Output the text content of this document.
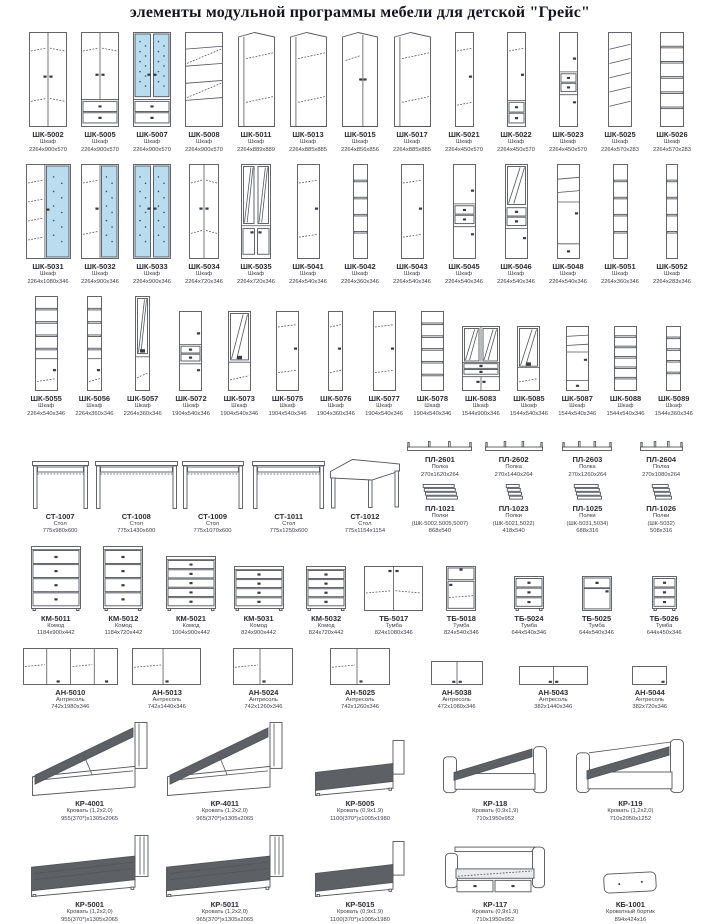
элементы модульной программы мебели для детской "Грейс"
ШК-5002
Шкаф
2264x900x570
ШК-5005
Шкаф
2264x900x570
ШК-5007
Шкаф
2264x900x570
ШК-5008
Шкаф
2264x900x570
ШК-5011
Шкаф
2264x889x889
ШК-5013
Шкаф
2264x885x885
ШК-5015
Шкаф
2264x856x856
ШК-5017
Шкаф
2264x885x885
ШК-5021
Шкаф
2264x450x570
ШК-5022
Шкаф
2264x450x570
ШК-5023
Шкаф
2264x450x570
ШК-5025
Шкаф
2264x570x283
ШК-5026
Шкаф
2264x570x283
ШК-5031
Шкаф
2264x1080x346
ШК-5032
Шкаф
2264x900x346
ШК-5033
Шкаф
2264x900x346
ШК-5034
Шкаф
2264x720x346
ШК-5035
Шкаф
2264x720x346
ШК-5041
Шкаф
2264x540x346
ШК-5042
Шкаф
2264x360x346
ШК-5043
Шкаф
2264x540x346
ШК-5045
Шкаф
2264x540x346
ШК-5046
Шкаф
2264x540x346
ШК-5048
Шкаф
2264x540x346
ШК-5051
Шкаф
2264x360x346
ШК-5052
Шкаф
2264x283x346
ШК-5055
Шкаф
2264x540x346
ШК-5056
Шкаф
2264x360x346
ШК-5057
Шкаф
2264x360x346
ШК-5072
Шкаф
1904x540x346
ШК-5073
Шкаф
1904x540x346
ШК-5075
Шкаф
1904x540x346
ШК-5076
Шкаф
1904x360x346
ШК-5077
Шкаф
1904x540x346
ШК-5078
Шкаф
1904x540x346
ШК-5083
Шкаф
1544x900x346
ШК-5085
Шкаф
1544x540x346
ШК-5087
Шкаф
1544x540x346
ШК-5088
Шкаф
1544x540x346
ШК-5089
Шкаф
1544x360x346
СТ-1007
Стол
775x980x600
СТ-1008
Стол
775x1430x600
СТ-1009
Стол
775x1070x600
СТ-1011
Стол
775x1250x600
СТ-1012
Стол
775x1154x1154
ПЛ-2601
Полка
270x1620x264
ПЛ-2602
Полка
270x1440x264
ПЛ-2603
Полка
270x1260x264
ПЛ-2604
Полка
270x1080x264
ПЛ-1021
Полки
(ШК-5002,5005,5007)
868x540
ПЛ-1023
Полки
(ШК-5021,5022)
418x540
ПЛ-1025
Полки
(ШК-5031,5034)
688x316
ПЛ-1026
Полки
(ШК-5032)
508x316
КМ-5011
Комод
1184x900x442
КМ-5012
Комод
1184x720x442
КМ-5021
Комод
1004x900x442
КМ-5031
Комод
824x900x442
КМ-5032
Комод
824x720x442
ТБ-5017
Тумба
824x1080x346
ТБ-5018
Тумба
824x540x346
ТБ-5024
Тумба
644x540x346
ТБ-5025
Тумба
644x540x346
ТБ-5026
Тумба
644x450x346
АН-5010
Антресоль
742x1980x346
АН-5013
Антресоль
742x1440x346
АН-5024
Антресоль
742x1260x346
АН-5025
Антресоль
742x1260x346
АН-5038
Антресоль
472x1080x346
АН-5043
Антресоль
382x1440x346
АН-5044
Антресоль
382x720x346
КР-4001
Кровать (1,2x2,0)
955(370*)x1305x2065
КР-4011
Кровать (1,2x2,0)
965(370*)x1305x2065
КР-5005
Кровать (0,9x1,9)
1100(370*)x1005x1980
КР-118
Кровать (0,9x1,9)
710x1950x952
КР-119
Кровать (1,2x2,0)
710x2050x1252
КР-5001
Кровать (1,2x2,0)
955(370*)x1305x2065
КР-5011
Кровать (1,2x2,0)
965(370*)x1305x2065
КР-5015
Кровать (0,9x1,9)
1100(370*)x1005x1980
КР-117
Кровать (0,9x1,9)
710x1950x952
КБ-1001
Кроватный бортик
894x424x16
